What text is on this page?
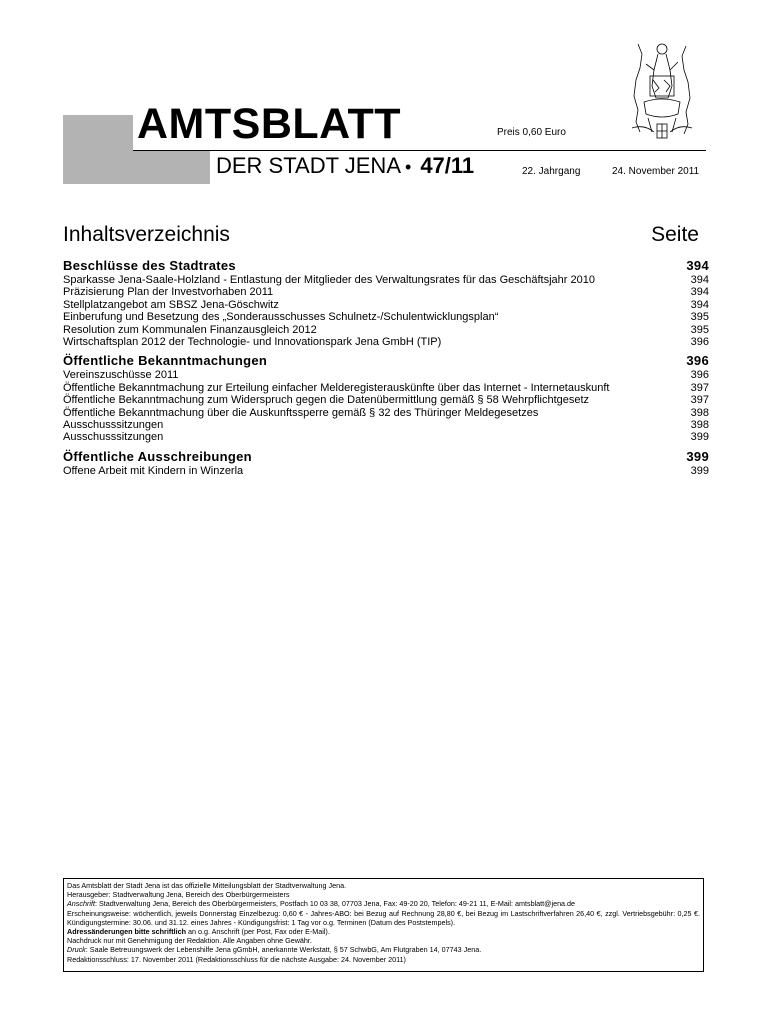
AMTSBLATT	Preis 0,60 Euro
DER STADT JENA • 47/11	22. Jahrgang	24. November 2011
Inhaltsverzeichnis	Seite
Beschlüsse des Stadtrates	394
Sparkasse Jena-Saale-Holzland - Entlastung der Mitglieder des Verwaltungsrates für das Geschäftsjahr 2010	394
Präzisierung Plan der Investvorhaben 2011	394
Stellplatzangebot am SBSZ Jena-Göschwitz	394
Einberufung und Besetzung des „Sonderausschusses Schulnetz-/Schulentwicklungsplan“	395
Resolution zum Kommunalen Finanzausgleich 2012	395
Wirtschaftsplan 2012 der Technologie- und Innovationspark Jena GmbH (TIP)	396
Öffentliche Bekanntmachungen	396
Vereinszuschüsse 2011	396
Öffentliche Bekanntmachung zur Erteilung einfacher Melderegisterauskünfte über das Internet - Internetauskunft	397
Öffentliche Bekanntmachung zum Widerspruch gegen die Datenübermittlung gemäß § 58 Wehrpflichtgesetz	397
Öffentliche Bekanntmachung über die Auskunftssperre gemäß § 32 des Thüringer Meldegesetzes	398
Ausschusssitzungen	398
Ausschusssitzungen	399
Öffentliche Ausschreibungen	399
Offene Arbeit mit Kindern in Winzerla	399

Das Amtsblatt der Stadt Jena ist das offizielle Mitteilungsblatt der Stadtverwaltung Jena.

Herausgeber: Stadtverwaltung Jena, Bereich des Oberbürgermeisters

Anschrift: Stadtverwaltung Jena, Bereich des Oberbürgermeisters, Postfach 10 03 38, 07703 Jena, Fax: 49-20 20, Telefon: 49-21 11, E-Mail: amtsblatt@jena.de

Erscheinungsweise: wöchentlich, jeweils Donnerstag Einzelbezug: 0,60 € - Jahres-ABO: bei Bezug auf Rechnung 28,80 €, bei Bezug im Lastschriftverfahren 26,40 €, zzgl. Vertriebsgebühr: 0,25 €. Kündigungstermine: 30.06. und 31.12. eines Jahres - Kündigungsfrist: 1 Tag vor o.g. Terminen (Datum des Poststempels).

Adressänderungen bitte schriftlich an o.g. Anschrift (per Post, Fax oder E-Mail).

Nachdruck nur mit Genehmigung der Redaktion. Alle Angaben ohne Gewähr.

Druck: Saale Betreuungswerk der Lebenshilfe Jena gGmbH, anerkannte Werkstatt, § 57 SchwbG, Am Flutgraben 14, 07743 Jena.

Redaktionsschluss: 17. November 2011 (Redaktionsschluss für die nächste Ausgabe: 24. November 2011)
